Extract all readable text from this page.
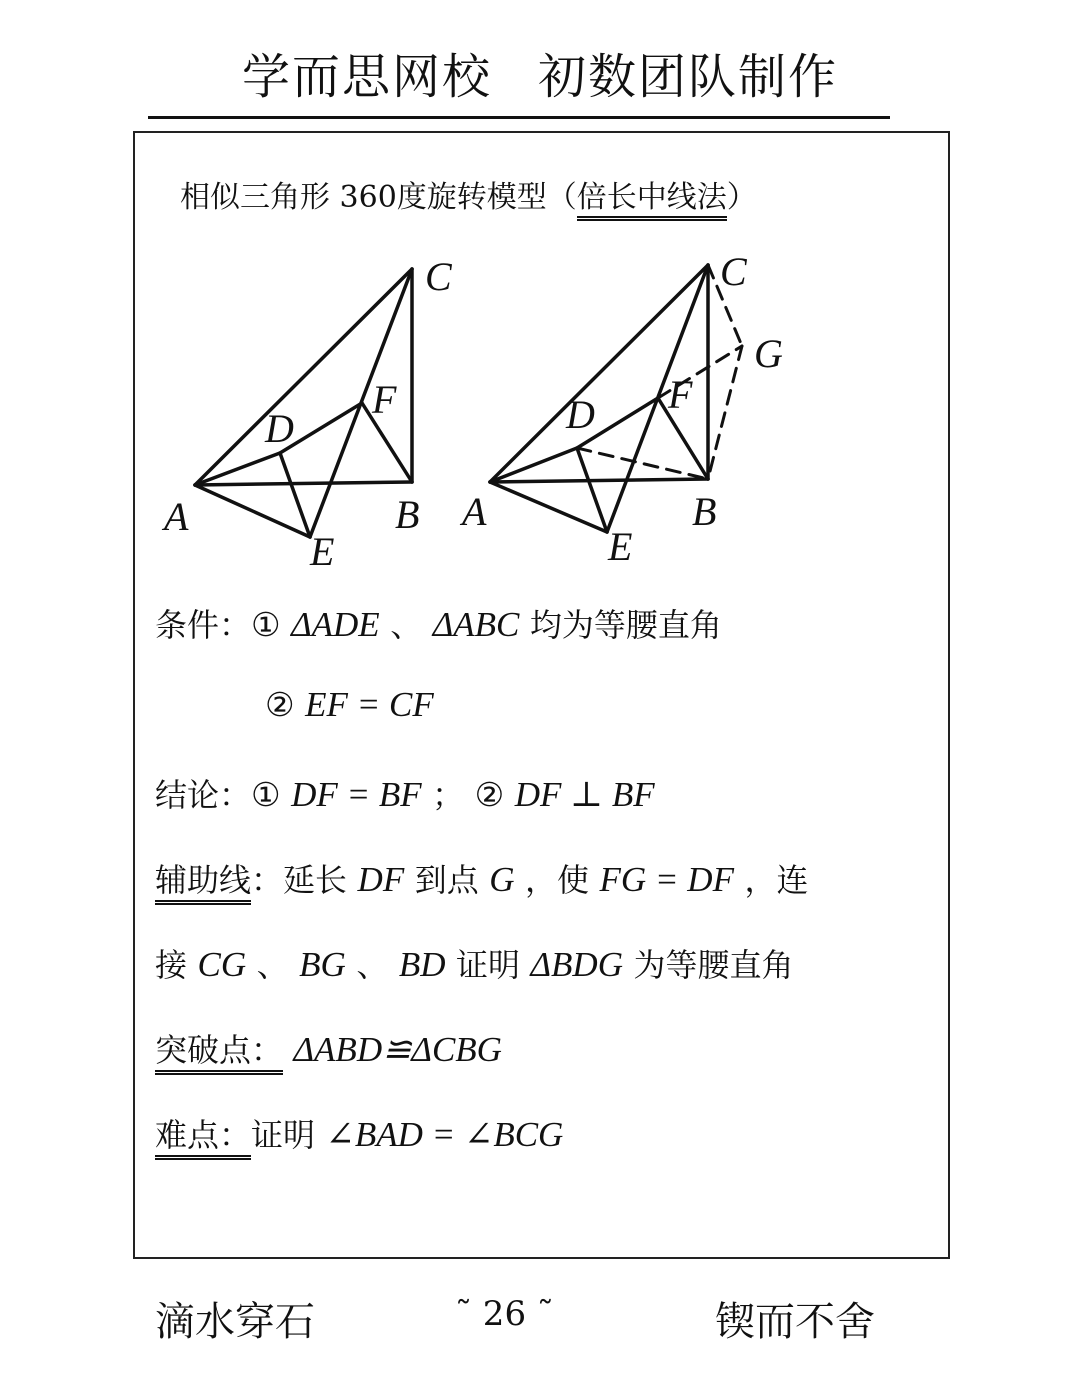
学而思网校 初数团队制作
相似三角形 360度旋转模型（倍长中线法）
C
F
D
A	B
E
C
G
F
D
A	B
E
条件：① ΔADE 、 ΔABC 均为等腰直角
② EF = CF
结论：① DF = BF ； ② DF ⊥ BF
辅助线：延长 DF 到点 G ，使 FG = DF ，连
接 CG 、 BG 、 BD 证明 ΔBDG 为等腰直角
突破点： ΔABD≌ΔCBG
难点：证明 ∠BAD = ∠BCG
滴水穿石	˜ 26 ˜	锲而不舍
